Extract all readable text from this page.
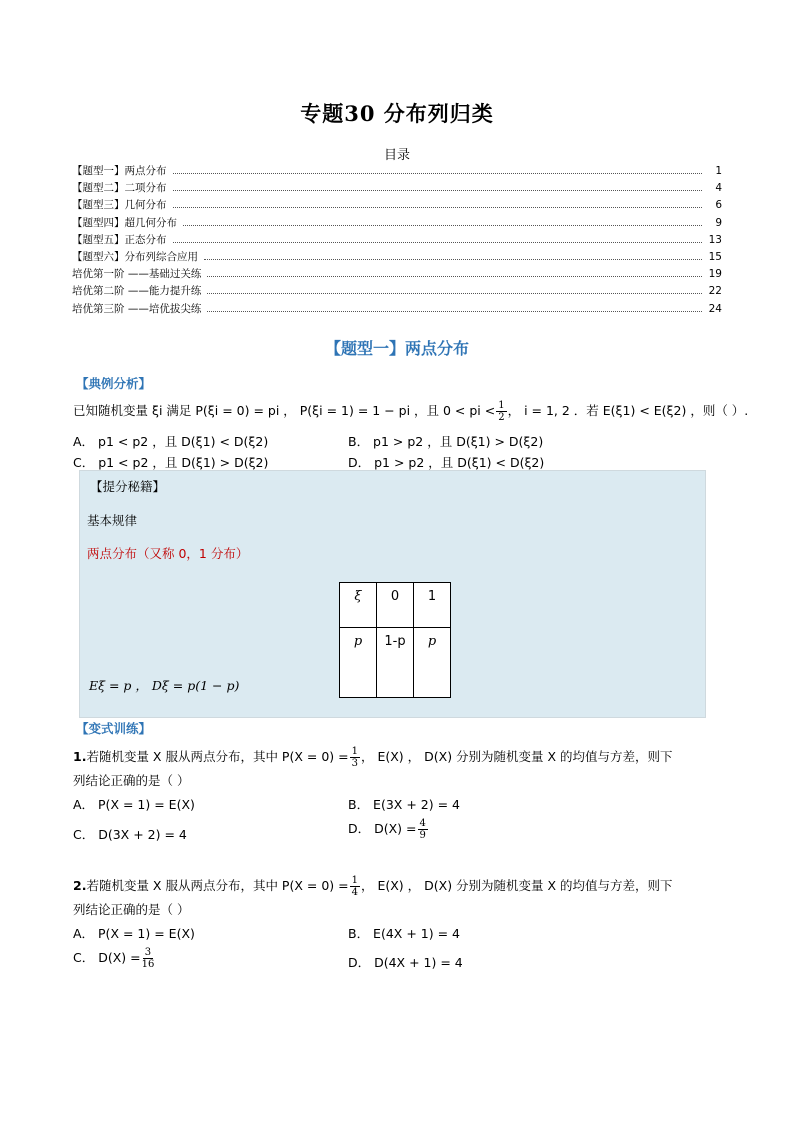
专题30 分布列归类
目录
【题型一】两点分布	1
【题型二】二项分布	4
【题型三】几何分布	6
【题型四】超几何分布	9
【题型五】正态分布	13
【题型六】分布列综合应用	15
培优第一阶 ——基础过关练	19
培优第二阶 ——能力提升练	22
培优第三阶 ——培优拔尖练	24
【题型一】两点分布
【典例分析】
已知随机变量 ξi 满足 P(ξi = 0) = pi ， P(ξi = 1) = 1 − pi ，且 0 < pi < $\frac{1}{2}$ ， i = 1, 2 ．若 E(ξ1) < E(ξ2) ，则（ ）.
A． p1 < p2 ，且 D(ξ1) < D(ξ2)	B． p1 > p2 ，且 D(ξ1) > D(ξ2)
C． p1 < p2 ，且 D(ξ1) > D(ξ2)	D． p1 > p2 ，且 D(ξ1) < D(ξ2)
【提分秘籍】
基本规律
两点分布（又称 0，1 分布）
ξ	0	1
p	1-p	p
Eξ = p ， Dξ = p(1 − p)
【变式训练】
1.若随机变量 X 服从两点分布，其中 $P(X = 0) = \frac{1}{3}$ ， E(X) ， D(X) 分别为随机变量 X 的均值与方差，则下
列结论正确的是（ ）
A． P(X = 1) = E(X)	B． E(3X + 2) = 4
C． D(3X + 2) = 4	D． $D(X) = \frac{4}{9}$
2.若随机变量 X 服从两点分布，其中 $P(X = 0) = \frac{1}{4}$ ， E(X) ， D(X) 分别为随机变量 X 的均值与方差，则下
列结论正确的是（ ）
A． P(X = 1) = E(X)	B． E(4X + 1) = 4
C． $D(X) = \frac{3}{16}$	D． D(4X + 1) = 4
